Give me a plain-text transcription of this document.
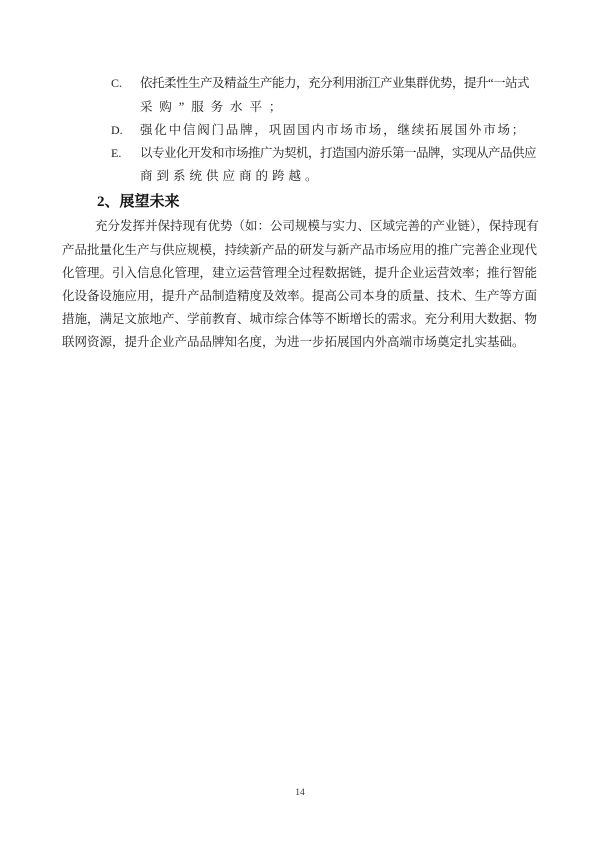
C. 依托柔性生产及精益生产能力，充分利用浙江产业集群优势，提升“一站式
采购”服务水平；
D. 强化中信阀门品牌，巩固国内市场市场，继续拓展国外市场；
E. 以专业化开发和市场推广为契机，打造国内游乐第一品牌，实现从产品供应
商到系统供应商的跨越。
2、展望未来
充分发挥并保持现有优势（如：公司规模与实力、区域完善的产业链），保持现有
产品批量化生产与供应规模，持续新产品的研发与新产品市场应用的推广完善企业现代
化管理。引入信息化管理，建立运营管理全过程数据链，提升企业运营效率；推行智能
化设备设施应用，提升产品制造精度及效率。提高公司本身的质量、技术、生产等方面
措施，满足文旅地产、学前教育、城市综合体等不断增长的需求。充分利用大数据、物
联网资源，提升企业产品品牌知名度，为进一步拓展国内外高端市场奠定扎实基础。
14
